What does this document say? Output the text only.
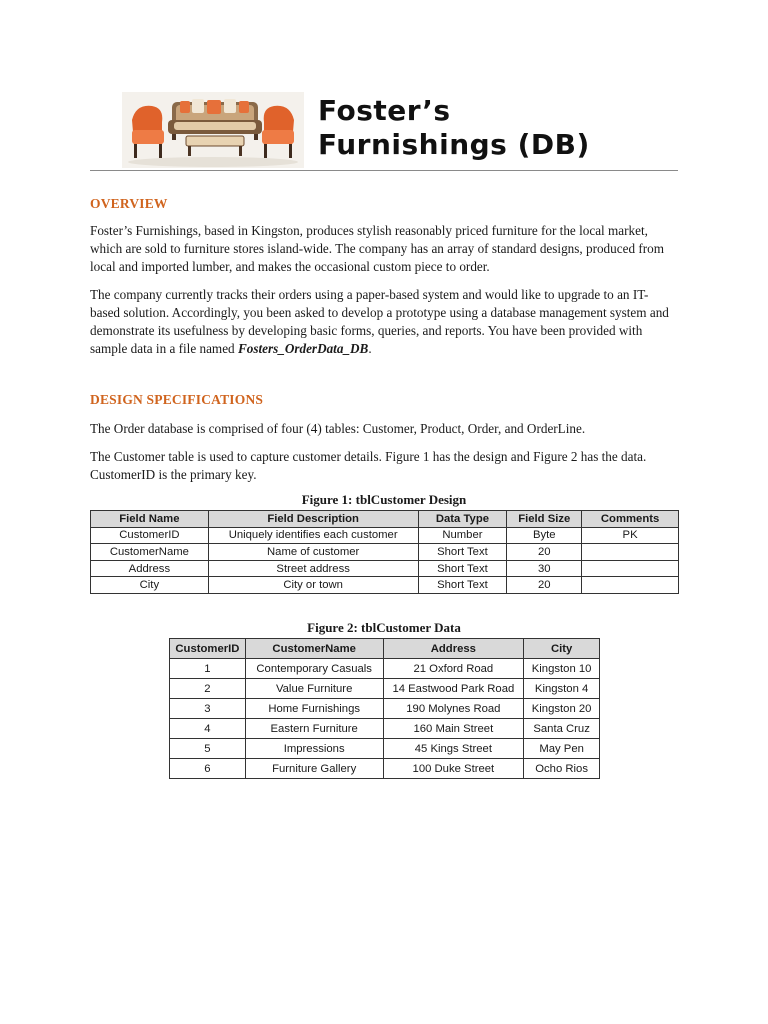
Foster’s
Furnishings (DB)
OVERVIEW
Foster’s Furnishings, based in Kingston, produces stylish reasonably priced furniture for the local market,
which are sold to furniture stores island-wide. The company has an array of standard designs, produced from
local and imported lumber, and makes the occasional custom piece to order.
The company currently tracks their orders using a paper-based system and would like to upgrade to an IT-
based solution. Accordingly, you been asked to develop a prototype using a database management system and
demonstrate its usefulness by developing basic forms, queries, and reports. You have been provided with
sample data in a file named Fosters_OrderData_DB.
DESIGN SPECIFICATIONS
The Order database is comprised of four (4) tables: Customer, Product, Order, and OrderLine.
The Customer table is used to capture customer details. Figure 1 has the design and Figure 2 has the data.
CustomerID is the primary key.
Figure 1: tblCustomer Design
Field Name	Field Description	Data Type	Field Size	Comments
CustomerID	Uniquely identifies each customer	Number	Byte	PK
CustomerName	Name of customer	Short Text	20	
Address	Street address	Short Text	30	
City	City or town	Short Text	20	
Figure 2: tblCustomer Data
CustomerID	CustomerName	Address	City
1	Contemporary Casuals	21 Oxford Road	Kingston 10
2	Value Furniture	14 Eastwood Park Road	Kingston 4
3	Home Furnishings	190 Molynes Road	Kingston 20
4	Eastern Furniture	160 Main Street	Santa Cruz
5	Impressions	45 Kings Street	May Pen
6	Furniture Gallery	100 Duke Street	Ocho Rios
